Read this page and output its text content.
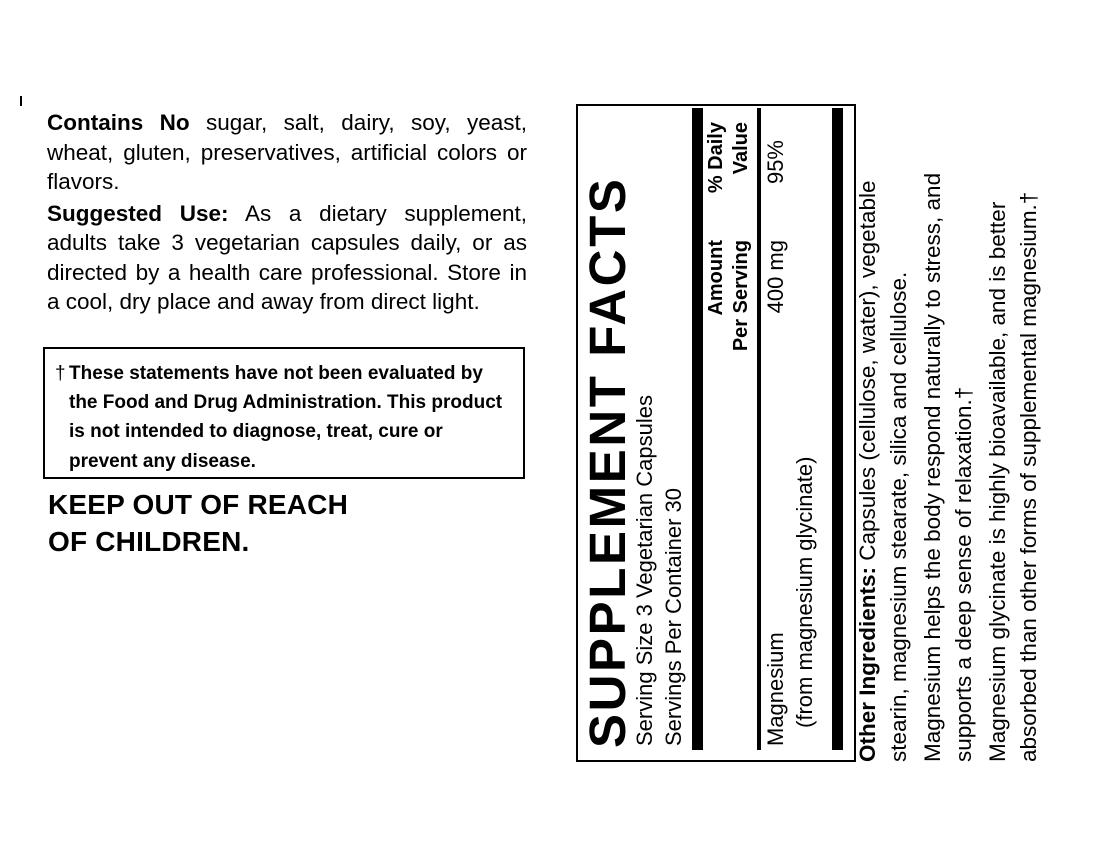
Contains No sugar, salt, dairy, soy, yeast, wheat, gluten, preservatives, artificial colors or flavors.

Suggested Use: As a dietary supplement, adults take 3 vegetarian capsules daily, or as directed by a health care professional. Store in a cool, dry place and away from direct light.

† These statements have not been evaluated by the Food and Drug Administration. This product is not intended to diagnose, treat, cure or prevent any disease.
KEEP OUT OF REACH
OF CHILDREN.	SUPPLEMENT FACTS
Serving Size 3 Vegetarian Capsules Servings Per Container 30
Amount Per Serving
% Daily Value
Magnesium (from magnesium glycinate)
400 mg
95%

Other Ingredients: Capsules (cellulose, water), vegetable stearin, magnesium stearate, silica and cellulose. Magnesium helps the body respond naturally to stress, and supports a deep sense of relaxation.† Magnesium glycinate is highly bioavailable, and is better absorbed than other forms of supplemental magnesium.†
